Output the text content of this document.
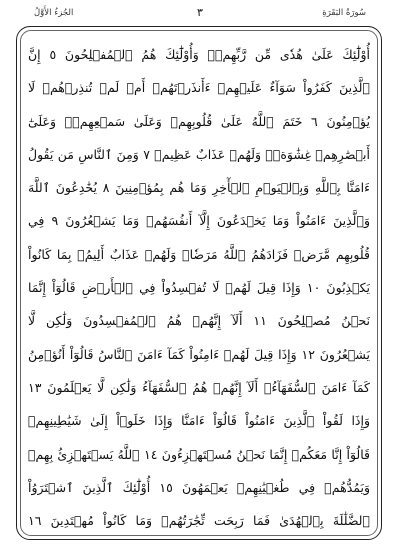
سُورَةُ البَقَرَةِ
٣
الجُزءُ الأَوَّلُ
أُوْلَٰٓئِكَ عَلَىٰ هُدٗى مِّن رَّبِّهِمۡۖ وَأُوْلَٰٓئِكَ هُمُ ٱلۡمُفۡلِحُونَ ٥ إِنَّ
ٱلَّذِينَ كَفَرُواْ سَوَآءٌ عَلَيۡهِمۡ ءَأَنذَرۡتَهُمۡ أَمۡ لَمۡ تُنذِرۡهُمۡ لَا
يُؤۡمِنُونَ ٦ خَتَمَ ٱللَّهُ عَلَىٰ قُلُوبِهِمۡ وَعَلَىٰ سَمۡعِهِمۡۖ وَعَلَىٰٓ
أَبۡصَٰرِهِمۡ غِشَٰوَةٞۖ وَلَهُمۡ عَذَابٌ عَظِيمٞ ٧ وَمِنَ ٱلنَّاسِ مَن يَقُولُ
ءَامَنَّا بِٱللَّهِ وَبِٱلۡيَوۡمِ ٱلۡأٓخِرِ وَمَا هُم بِمُؤۡمِنِينَ ٨ يُخَٰدِعُونَ ٱللَّهَ
وَٱلَّذِينَ ءَامَنُواْ وَمَا يَخۡدَعُونَ إِلَّآ أَنفُسَهُمۡ وَمَا يَشۡعُرُونَ ٩ فِي
قُلُوبِهِم مَّرَضٞ فَزَادَهُمُ ٱللَّهُ مَرَضٗاۖ وَلَهُمۡ عَذَابٌ أَلِيمُۢ بِمَا كَانُواْ
يَكۡذِبُونَ ١٠ وَإِذَا قِيلَ لَهُمۡ لَا تُفۡسِدُواْ فِي ٱلۡأَرۡضِ قَالُوٓاْ إِنَّمَا
نَحۡنُ مُصۡلِحُونَ ١١ أَلَآ إِنَّهُمۡ هُمُ ٱلۡمُفۡسِدُونَ وَلَٰكِن لَّا
يَشۡعُرُونَ ١٢ وَإِذَا قِيلَ لَهُمۡ ءَامِنُواْ كَمَآ ءَامَنَ ٱلنَّاسُ قَالُوٓاْ أَنُؤۡمِنُ
كَمَآ ءَامَنَ ٱلسُّفَهَآءُۗ أَلَآ إِنَّهُمۡ هُمُ ٱلسُّفَهَآءُ وَلَٰكِن لَّا يَعۡلَمُونَ ١٣
وَإِذَا لَقُواْ ٱلَّذِينَ ءَامَنُواْ قَالُوٓاْ ءَامَنَّا وَإِذَا خَلَوۡاْ إِلَىٰ شَيَٰطِينِهِمۡ
قَالُوٓاْ إِنَّا مَعَكُمۡ إِنَّمَا نَحۡنُ مُسۡتَهۡزِءُونَ ١٤ ٱللَّهُ يَسۡتَهۡزِئُ بِهِمۡ
وَيَمُدُّهُمۡ فِي طُغۡيَٰنِهِمۡ يَعۡمَهُونَ ١٥ أُوْلَٰٓئِكَ ٱلَّذِينَ ٱشۡتَرَوُاْ
ٱلضَّلَٰلَةَ بِٱلۡهُدَىٰ فَمَا رَبِحَت تِّجَٰرَتُهُمۡ وَمَا كَانُواْ مُهۡتَدِينَ ١٦
